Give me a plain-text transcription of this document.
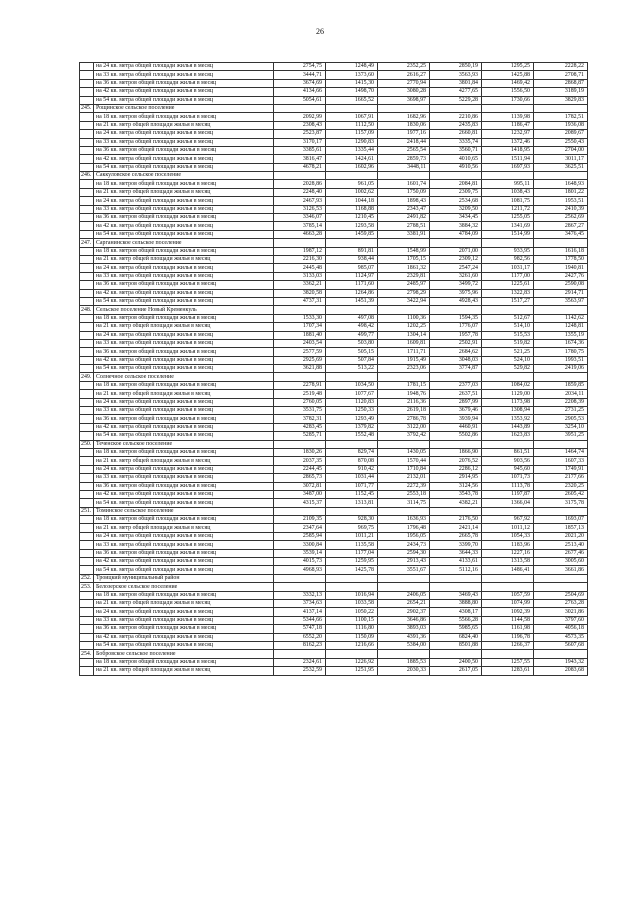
26
	на 24 кв. метра общей площади жилья в месяц	2754,75	1248,49	2352,25	2850,19	1295,25	2228,22
	на 33 кв. метра общей площади жилья в месяц	3444,71	1373,60	2616,27	3563,93	1425,88	2708,71
	на 36 кв. метров общей площади жилья в месяц	3674,69	1415,30	2770,94	3801,84	1469,42	2868,87
	на 42 кв. метра общей площади жилья в месяц	4134,66	1498,70	3080,28	4277,65	1556,50	3189,19
	на 54 кв. метра общей площади жилья в месяц	5054,61	1665,52	3698,97	5229,28	1730,66	3829,83
245.	Рощинское сельское поселение						
	на 18 кв. метров общей площади жилья в месяц	2092,99	1067,91	1682,96	2210,86	1139,98	1782,51
	на 21 кв. метр общей площади жилья в месяц	2308,43	1112,50	1830,06	2435,83	1186,47	1936,08
	на 24 кв. метра общей площади жилья в месяц	2523,87	1157,09	1977,16	2660,81	1232,97	2089,67
	на 33 кв. метра общей площади жилья в месяц	3170,17	1290,83	2418,44	3335,74	1372,46	2550,43
	на 36 кв. метров общей площади жилья в месяц	3385,61	1335,44	2565,54	3560,71	1418,95	2704,00
	на 42 кв. метра общей площади жилья в месяц	3816,47	1424,61	2859,73	4010,65	1511,94	3011,17
	на 54 кв. метра общей площади жилья в месяц	4678,21	1602,96	3448,11	4910,56	1697,93	3625,51
246.	Саккуловское сельское поселение						
	на 18 кв. метров общей площади жилья в месяц	2028,86	961,05	1601,74	2084,81	995,11	1648,93
	на 21 кв. метр общей площади жилья в месяц	2248,40	1002,62	1750,09	2309,75	1038,43	1801,22
	на 24 кв. метра общей площади жилья в месяц	2467,93	1044,18	1898,43	2534,68	1081,75	1953,51
	на 33 кв. метра общей площади жилья в месяц	3126,53	1168,88	2343,47	3209,50	1211,72	2410,39
	на 36 кв. метров общей площади жилья в месяц	3346,07	1210,45	2491,82	3434,45	1255,05	2562,69
	на 42 кв. метра общей площади жилья в месяц	3785,14	1293,58	2788,51	3884,32	1341,69	2867,27
	на 54 кв. метра общей площади жилья в месяц	4663,28	1459,85	3381,91	4784,09	1514,99	3476,45
247.	Сарганинское сельское поселение						
	на 18 кв. метров общей площади жилья в месяц	1987,12	891,81	1548,99	2071,00	933,95	1616,18
	на 21 кв. метр общей площади жилья в месяц	2216,30	938,44	1705,15	2309,12	982,56	1778,50
	на 24 кв. метра общей площади жилья в месяц	2445,48	985,07	1861,32	2547,24	1031,17	1940,81
	на 33 кв. метра общей площади жилья в месяц	3133,03	1124,97	2329,81	3261,60	1177,00	2427,76
	на 36 кв. метров общей площади жилья в месяц	3362,21	1171,60	2485,97	3499,72	1225,61	2590,08
	на 42 кв. метра общей площади жилья в месяц	3820,58	1264,86	2798,29	3975,96	1322,83	2914,71
	на 54 кв. метра общей площади жилья в месяц	4737,31	1451,39	3422,94	4928,43	1517,27	3563,97
248.	Сельское поселение Новый Кременкуль						
	на 18 кв. метров общей площади жилья в месяц	1533,30	497,08	1100,36	1594,35	512,67	1142,62
	на 21 кв. метр общей площади жилья в месяц	1707,34	498,42	1202,25	1776,07	514,10	1248,81
	на 24 кв. метра общей площади жилья в месяц	1881,40	499,77	1304,14	1957,78	515,53	1355,19
	на 33 кв. метра общей площади жилья в месяц	2403,54	503,80	1609,81	2502,91	519,82	1674,36
	на 36 кв. метров общей площади жилья в месяц	2577,59	505,15	1711,71	2684,62	521,25	1780,75
	на 42 кв. метра общей площади жилья в месяц	2925,69	507,84	1915,49	3048,03	524,10	1993,51
	на 54 кв. метра общей площади жилья в месяц	3621,88	513,22	2323,06	3774,87	529,82	2419,06
249.	Солнечное сельское поселение						
	на 18 кв. метров общей площади жилья в месяц	2278,91	1034,50	1781,15	2377,03	1084,02	1859,85
	на 21 кв. метр общей площади жилья в месяц	2519,48	1077,67	1948,76	2637,51	1129,00	2034,11
	на 24 кв. метра общей площади жилья в месяц	2760,05	1120,83	2116,36	2897,99	1173,98	2208,39
	на 33 кв. метра общей площади жилья в месяц	3531,75	1250,33	2619,18	3679,46	1308,94	2731,25
	на 36 кв. метров общей площади жилья в месяц	3782,31	1293,49	2786,78	3939,94	1353,92	2905,53
	на 42 кв. метра общей площади жилья в месяц	4283,45	1379,82	3122,00	4460,91	1443,89	3254,10
	на 54 кв. метра общей площади жилья в месяц	5285,71	1552,48	3792,42	5502,86	1623,83	3951,25
250.	Теченское сельское поселение						
	на 18 кв. метров общей площади жилья в месяц	1830,26	829,74	1430,05	1866,90	861,51	1464,74
	на 21 кв. метр общей площади жилья в месяц	2037,35	870,08	1570,44	2076,52	903,56	1607,33
	на 24 кв. метра общей площади жилья в месяц	2244,45	910,42	1710,84	2286,12	945,60	1749,91
	на 33 кв. метра общей площади жилья в месяц	2865,73	1031,44	2132,01	2914,95	1071,73	2177,66
	на 36 кв. метров общей площади жилья в месяц	3072,81	1071,77	2272,39	3124,56	1113,78	2320,25
	на 42 кв. метра общей площади жилья в месяц	3487,00	1152,45	2553,18	3543,78	1197,87	2605,42
	на 54 кв. метра общей площади жилья в месяц	4315,37	1313,81	3114,75	4382,21	1366,04	3175,78
251.	Томинское сельское поселение						
	на 18 кв. метров общей площади жилья в месяц	2109,35	928,30	1636,93	2176,50	967,92	1693,07
	на 21 кв. метр общей площади жилья в месяц	2347,64	969,75	1796,48	2421,14	1011,12	1857,13
	на 24 кв. метра общей площади жилья в месяц	2585,94	1011,21	1956,05	2665,78	1054,33	2021,20
	на 33 кв. метра общей площади жилья в месяц	3300,84	1135,58	2434,73	3399,70	1183,96	2513,40
	на 36 кв. метров общей площади жилья в месяц	3539,14	1177,04	2594,30	3644,33	1227,16	2677,46
	на 42 кв. метра общей площади жилья в месяц	4015,73	1259,95	2913,43	4133,61	1313,58	3005,60
	на 54 кв. метра общей площади жилья в месяц	4968,93	1425,78	3551,67	5112,16	1486,41	3661,86
252.	Троицкий муниципальный район						
253.	Белозерское сельское поселение						
	на 18 кв. метров общей площади жилья в месяц	3332,13	1016,94	2406,05	3469,43	1057,59	2504,69
	на 21 кв. метр общей площади жилья в месяц	3734,63	1033,58	2654,21	3888,80	1074,99	2763,28
	на 24 кв. метра общей площади жилья в месяц	4137,14	1050,22	2902,37	4308,17	1092,39	3021,86
	на 33 кв. метра общей площади жилья в месяц	5344,66	1100,15	3646,86	5566,28	1144,58	3797,60
	на 36 кв. метров общей площади жилья в месяц	5747,18	1116,80	3893,03	5985,65	1161,98	4056,18
	на 42 кв. метра общей площади жилья в месяц	6552,20	1150,09	4391,36	6824,40	1196,78	4573,35
	на 54 кв. метра общей площади жилья в месяц	8162,23	1216,66	5384,00	8501,88	1266,37	5607,68
254.	Бобровское сельское поселение						
	на 18 кв. метров общей площади жилья в месяц	2324,61	1226,92	1885,53	2400,50	1257,55	1943,32
	на 21 кв. метр общей площади жилья в месяц	2532,59	1251,95	2030,33	2617,05	1283,61	2083,68
